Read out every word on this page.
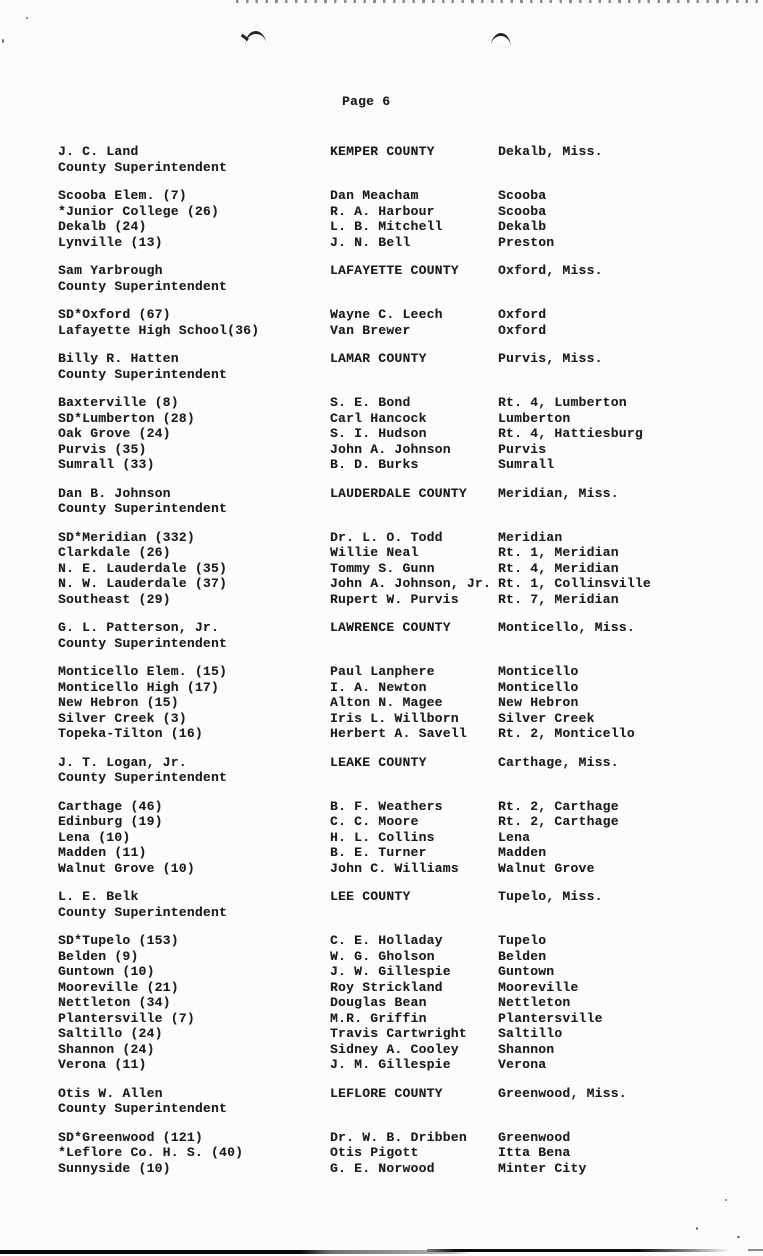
Page 6
J. C. Land	KEMPER COUNTY	Dekalb, Miss.
County Superintendent
Scooba Elem. (7)	Dan Meacham	Scooba
*Junior College (26)	R. A. Harbour	Scooba
Dekalb (24)	L. B. Mitchell	Dekalb
Lynville (13)	J. N. Bell	Preston
Sam Yarbrough	LAFAYETTE COUNTY	Oxford, Miss.
County Superintendent
SD*Oxford (67)	Wayne C. Leech	Oxford
Lafayette High School(36)	Van Brewer	Oxford
Billy R. Hatten	LAMAR COUNTY	Purvis, Miss.
County Superintendent
Baxterville (8)	S. E. Bond	Rt. 4, Lumberton
SD*Lumberton (28)	Carl Hancock	Lumberton
Oak Grove (24)	S. I. Hudson	Rt. 4, Hattiesburg
Purvis (35)	John A. Johnson	Purvis
Sumrall (33)	B. D. Burks	Sumrall
Dan B. Johnson	LAUDERDALE COUNTY Meridian, Miss.
County Superintendent
SD*Meridian (332)	Dr. L. O. Todd	Meridian
Clarkdale (26)	Willie Neal	Rt. 1, Meridian
N. E. Lauderdale (35)	Tommy S. Gunn	Rt. 4, Meridian
N. W. Lauderdale (37)	John A. Johnson, Jr. Rt. 1, Collinsville
Southeast (29)	Rupert W. Purvis	Rt. 7, Meridian
G. L. Patterson, Jr.	LAWRENCE COUNTY	Monticello, Miss.
County Superintendent
Monticello Elem. (15)	Paul Lanphere	Monticello
Monticello High (17)	I. A. Newton	Monticello
New Hebron (15)	Alton N. Magee	New Hebron
Silver Creek (3)	Iris L. Willborn	Silver Creek
Topeka-Tilton (16)	Herbert A. Savell Rt. 2, Monticello
J. T. Logan, Jr.	LEAKE COUNTY	Carthage, Miss.
County Superintendent
Carthage (46)	B. F. Weathers	Rt. 2, Carthage
Edinburg (19)	C. C. Moore	Rt. 2, Carthage
Lena (10)	H. L. Collins	Lena
Madden (11)	B. E. Turner	Madden
Walnut Grove (10)	John C. Williams	Walnut Grove
L. E. Belk	LEE COUNTY	Tupelo, Miss.
County Superintendent
SD*Tupelo (153)	C. E. Holladay	Tupelo
Belden (9)	W. G. Gholson	Belden
Guntown (10)	J. W. Gillespie	Guntown
Mooreville (21)	Roy Strickland	Mooreville
Nettleton (34)	Douglas Bean	Nettleton
Plantersville (7)	M.R. Griffin	Plantersville
Saltillo (24)	Travis Cartwright Saltillo
Shannon (24)	Sidney A. Cooley	Shannon
Verona (11)	J. M. Gillespie	Verona
Otis W. Allen	LEFLORE COUNTY	Greenwood, Miss.
County Superintendent
SD*Greenwood (121)	Dr. W. B. Dribben Greenwood
*Leflore Co. H. S. (40)	Otis Pigott	Itta Bena
Sunnyside (10)	G. E. Norwood	Minter City
